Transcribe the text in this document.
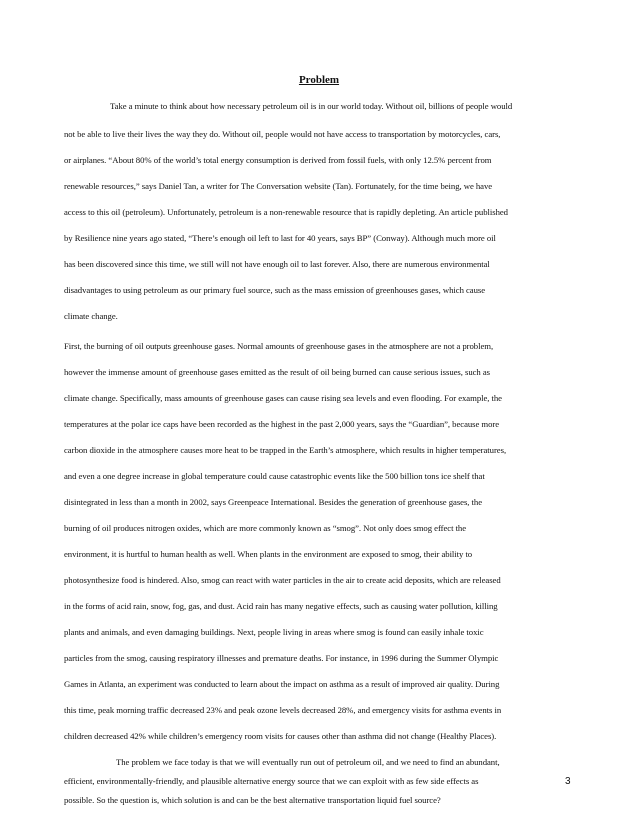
Problem
Take a minute to think about how necessary petroleum oil is in our world today. Without oil, billions of people would
not be able to live their lives the way they do. Without oil, people would not have access to transportation by motorcycles, cars,
or airplanes. “About 80% of the world’s total energy consumption is derived from fossil fuels, with only 12.5% percent from
renewable resources,” says Daniel Tan, a writer for The Conversation website (Tan). Fortunately, for the time being, we have
access to this oil (petroleum). Unfortunately, petroleum is a non-renewable resource that is rapidly depleting. An article published
by Resilience nine years ago stated, “There’s enough oil left to last for 40 years, says BP” (Conway). Although much more oil
has been discovered since this time, we still will not have enough oil to last forever. Also, there are numerous environmental
disadvantages to using petroleum as our primary fuel source, such as the mass emission of greenhouses gases, which cause
climate change.
First, the burning of oil outputs greenhouse gases. Normal amounts of greenhouse gases in the atmosphere are not a problem,
however the immense amount of greenhouse gases emitted as the result of oil being burned can cause serious issues, such as
climate change. Specifically, mass amounts of greenhouse gases can cause rising sea levels and even flooding. For example, the
temperatures at the polar ice caps have been recorded as the highest in the past 2,000 years, says the “Guardian”, because more
carbon dioxide in the atmosphere causes more heat to be trapped in the Earth’s atmosphere, which results in higher temperatures,
and even a one degree increase in global temperature could cause catastrophic events like the 500 billion tons ice shelf that
disintegrated in less than a month in 2002, says Greenpeace International. Besides the generation of greenhouse gases, the
burning of oil produces nitrogen oxides, which are more commonly known as “smog”. Not only does smog effect the
environment, it is hurtful to human health as well. When plants in the environment are exposed to smog, their ability to
photosynthesize food is hindered. Also, smog can react with water particles in the air to create acid deposits, which are released
in the forms of acid rain, snow, fog, gas, and dust. Acid rain has many negative effects, such as causing water pollution, killing
plants and animals, and even damaging buildings. Next, people living in areas where smog is found can easily inhale toxic
particles from the smog, causing respiratory illnesses and premature deaths. For instance, in 1996 during the Summer Olympic
Games in Atlanta, an experiment was conducted to learn about the impact on asthma as a result of improved air quality. During
this time, peak morning traffic decreased 23% and peak ozone levels decreased 28%, and emergency visits for asthma events in
children decreased 42% while children’s emergency room visits for causes other than asthma did not change (Healthy Places).
The problem we face today is that we will eventually run out of petroleum oil, and we need to find an abundant,
efficient, environmentally-friendly, and plausible alternative energy source that we can exploit with as few side effects as
possible. So the question is, which solution is and can be the best alternative transportation liquid fuel source?
3
